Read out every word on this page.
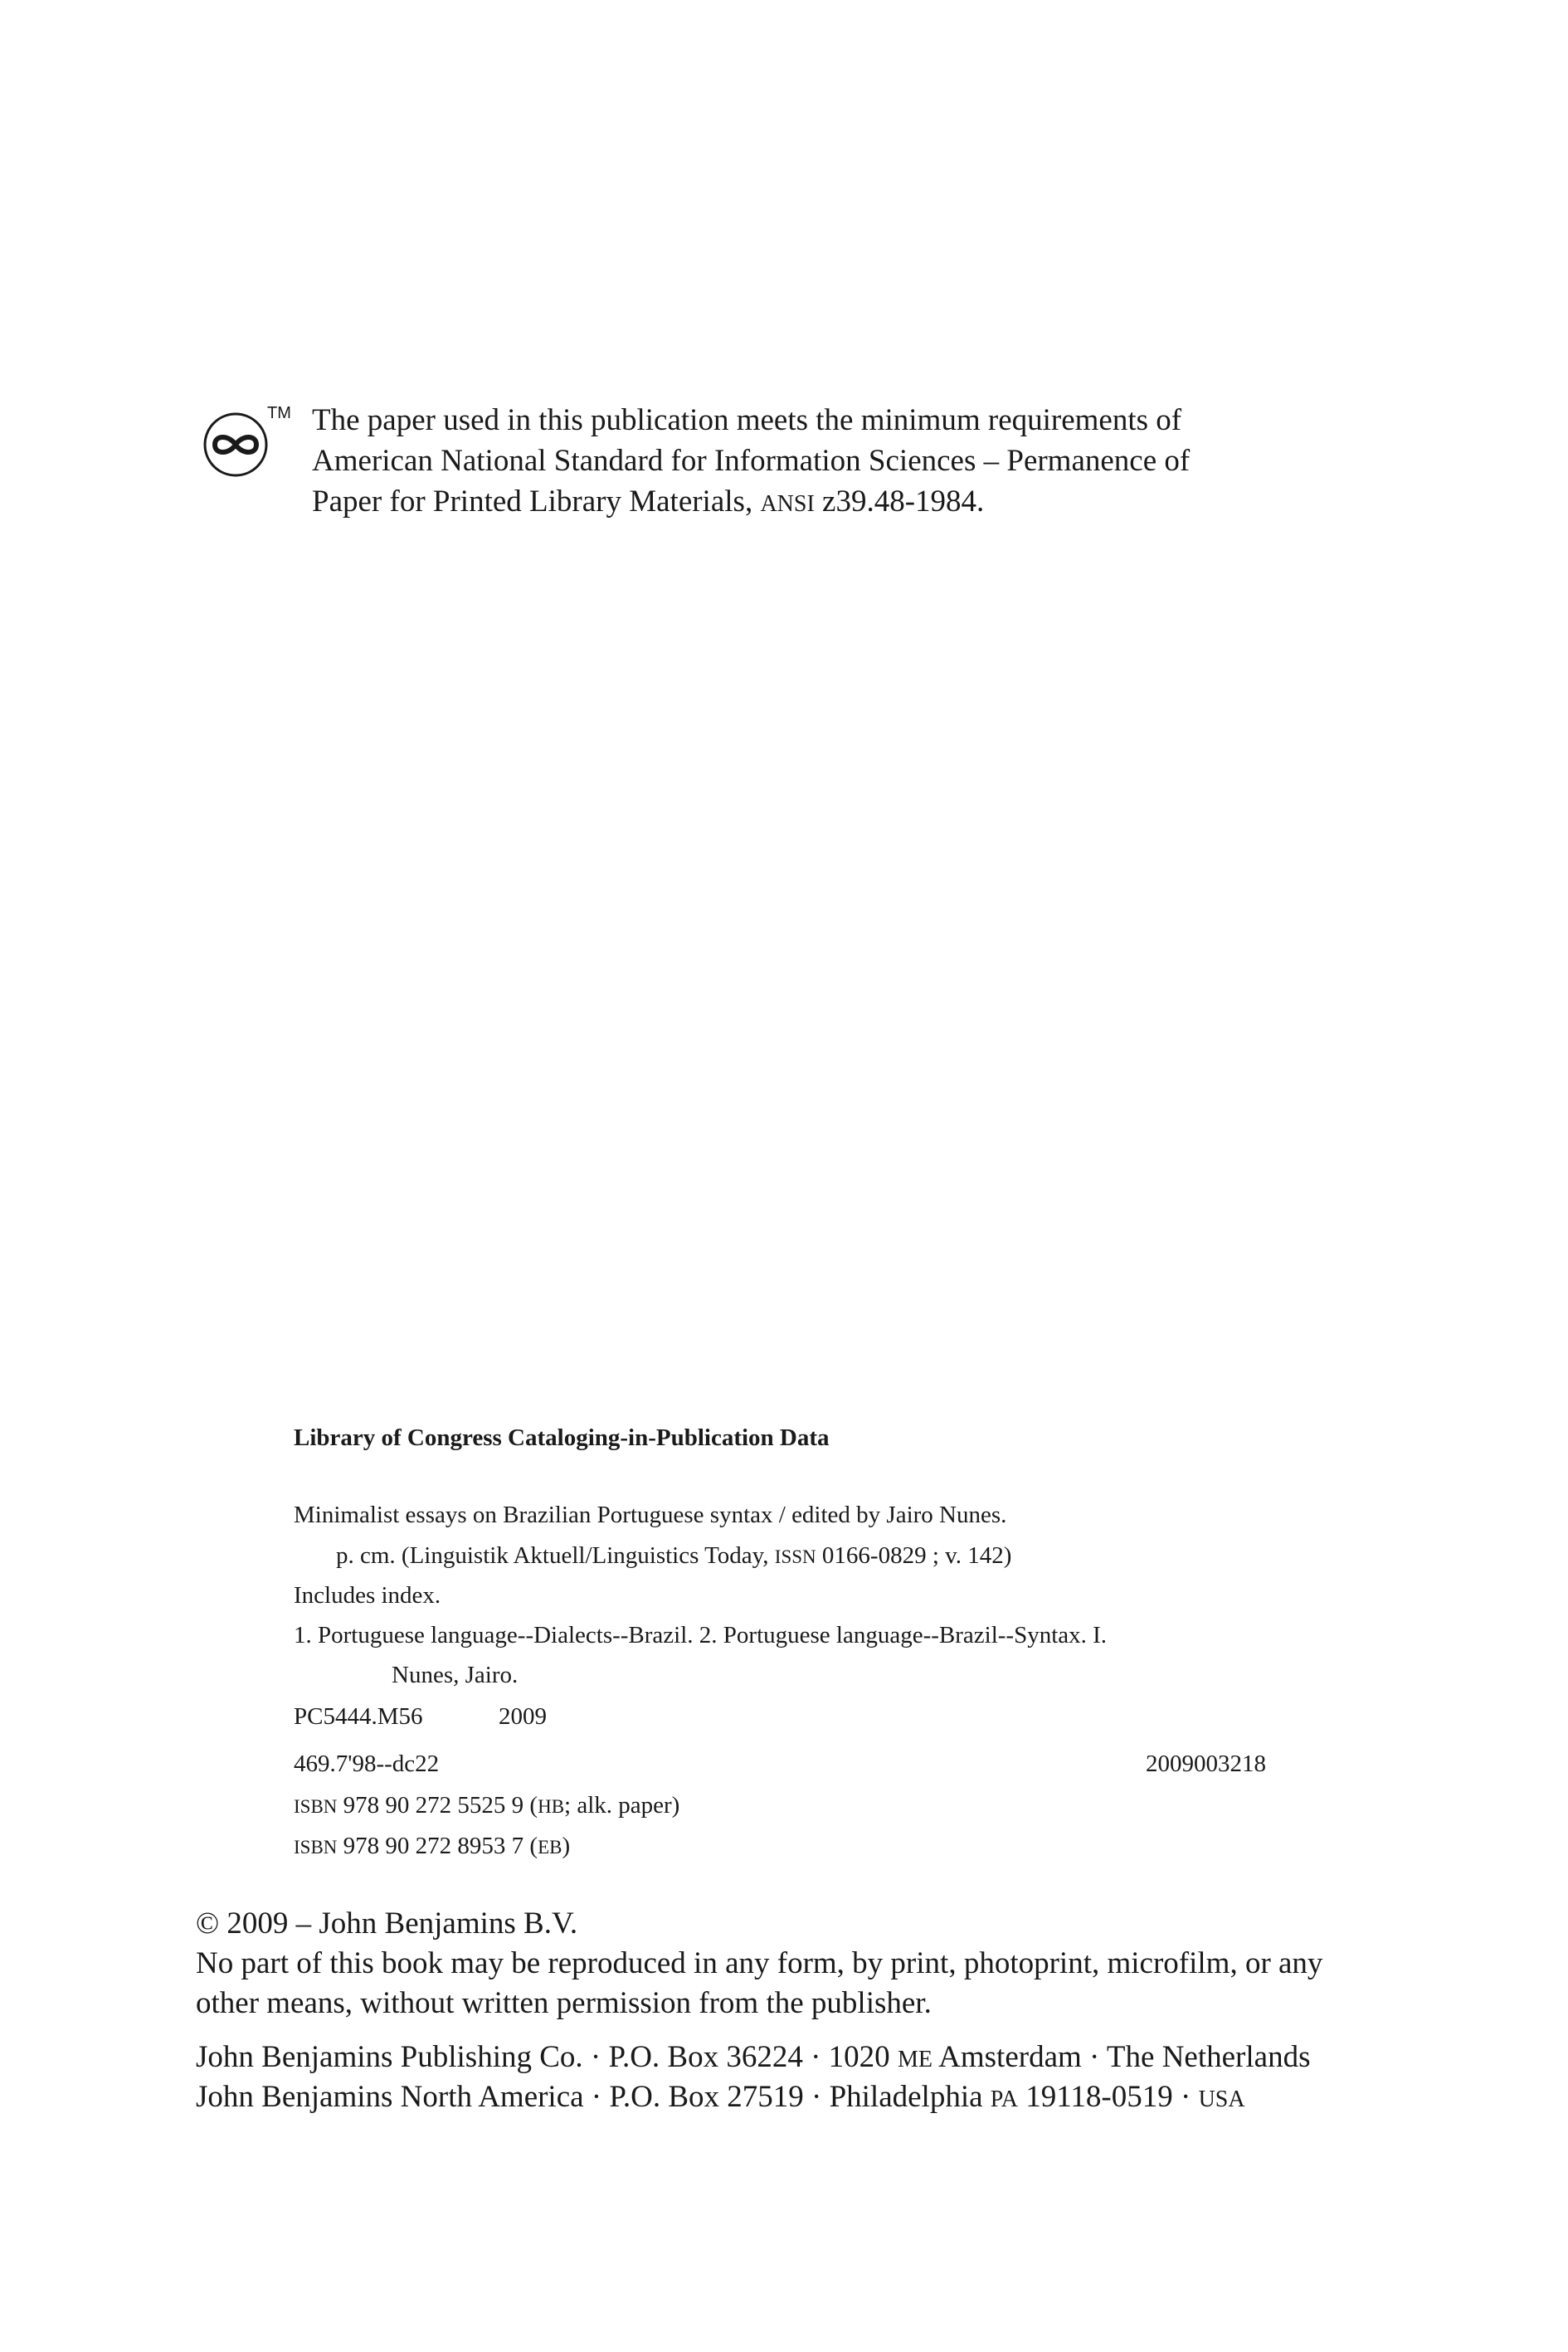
TM The paper used in this publication meets the minimum requirements of
American National Standard for Information Sciences – Permanence of
Paper for Printed Library Materials, ANSI z39.48-1984.
Library of Congress Cataloging-in-Publication Data
Minimalist essays on Brazilian Portuguese syntax / edited by Jairo Nunes.
p. cm. (Linguistik Aktuell/Linguistics Today, ISSN 0166-0829 ; v. 142)
Includes index.
1. Portuguese language--Dialects--Brazil. 2. Portuguese language--Brazil--Syntax. I.
Nunes, Jairo.
PC5444.M56	2009
469.7'98--dc22	2009003218
ISBN 978 90 272 5525 9 (HB; alk. paper)
ISBN 978 90 272 8953 7 (EB)
© 2009 – John Benjamins B.V.
No part of this book may be reproduced in any form, by print, photoprint, microfilm, or any
other means, without written permission from the publisher.
John Benjamins Publishing Co. · P.O. Box 36224 · 1020 ME Amsterdam · The Netherlands
John Benjamins North America · P.O. Box 27519 · Philadelphia PA 19118-0519 · USA
